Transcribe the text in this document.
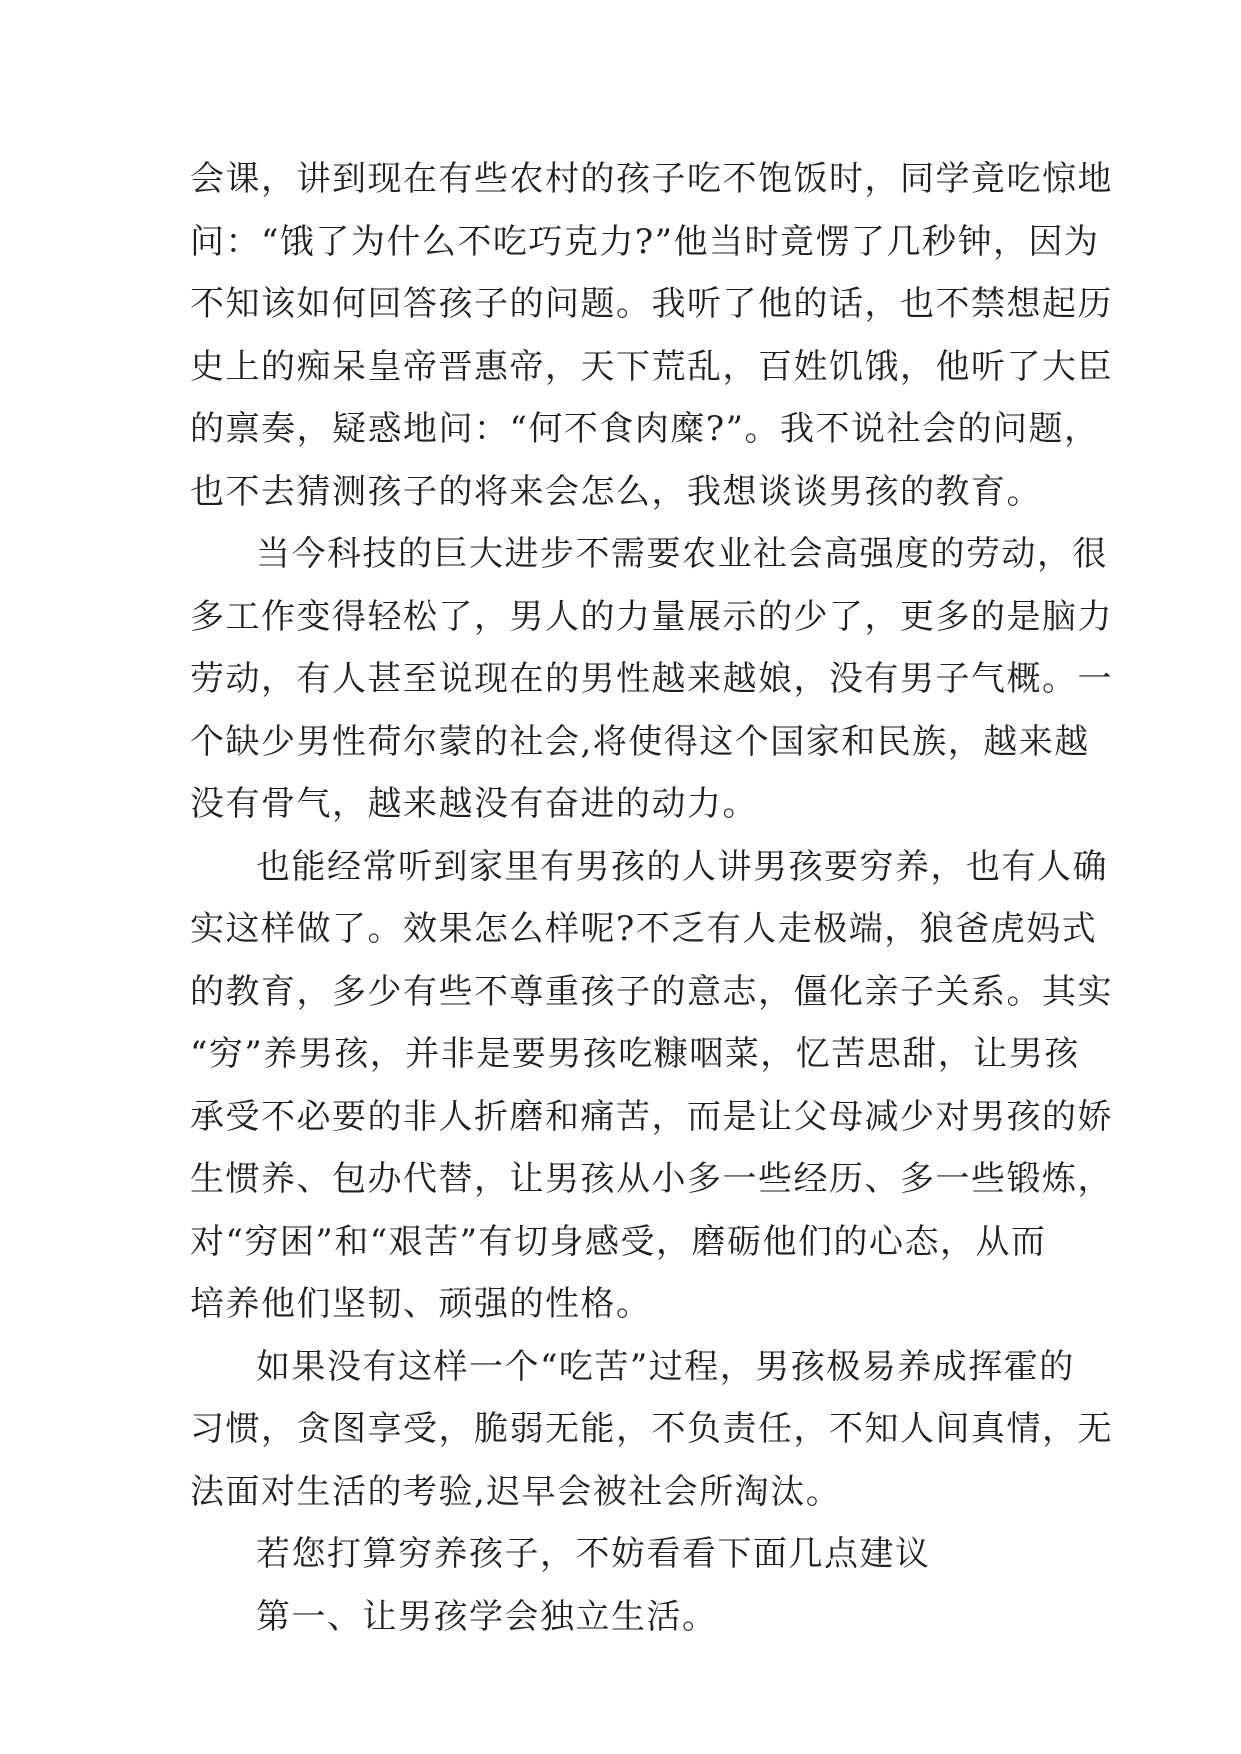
会课，讲到现在有些农村的孩子吃不饱饭时，同学竟吃惊地
问：“饿了为什么不吃巧克力?”他当时竟愣了几秒钟，因为
不知该如何回答孩子的问题。我听了他的话，也不禁想起历
史上的痴呆皇帝晋惠帝，天下荒乱，百姓饥饿，他听了大臣
的禀奏，疑惑地问：“何不食肉糜?”。我不说社会的问题，
也不去猜测孩子的将来会怎么，我想谈谈男孩的教育。
当今科技的巨大进步不需要农业社会高强度的劳动，很
多工作变得轻松了，男人的力量展示的少了，更多的是脑力
劳动，有人甚至说现在的男性越来越娘，没有男子气概。一
个缺少男性荷尔蒙的社会,将使得这个国家和民族，越来越
没有骨气，越来越没有奋进的动力。
也能经常听到家里有男孩的人讲男孩要穷养，也有人确
实这样做了。效果怎么样呢?不乏有人走极端，狼爸虎妈式
的教育，多少有些不尊重孩子的意志，僵化亲子关系。其实
“穷”养男孩，并非是要男孩吃糠咽菜，忆苦思甜，让男孩
承受不必要的非人折磨和痛苦，而是让父母减少对男孩的娇
生惯养、包办代替，让男孩从小多一些经历、多一些锻炼，
对“穷困”和“艰苦”有切身感受，磨砺他们的心态，从而
培养他们坚韧、顽强的性格。
如果没有这样一个“吃苦”过程，男孩极易养成挥霍的
习惯，贪图享受，脆弱无能，不负责任，不知人间真情，无
法面对生活的考验,迟早会被社会所淘汰。
若您打算穷养孩子，不妨看看下面几点建议
第一、让男孩学会独立生活。
